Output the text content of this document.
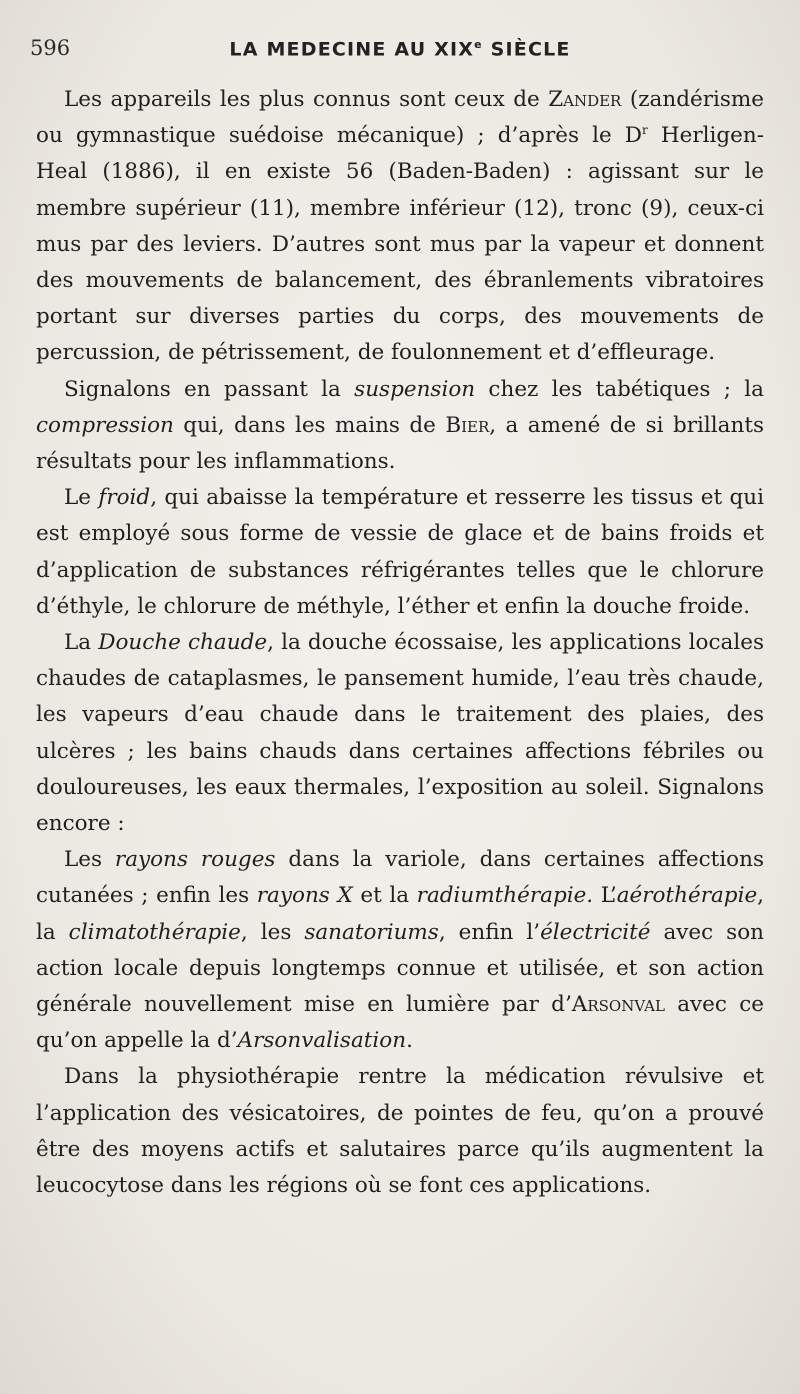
596	LA MEDECINE AU XIXe SIÈCLE

Les appareils les plus connus sont ceux de Zander (zandérisme ou gymnastique suédoise mécanique) ; d’après le $D^r$ Herligen-Heal (1886), il en existe 56 (Baden-Baden) : agissant sur le membre supérieur (11), membre inférieur (12), tronc (9), ceux-ci mus par des leviers. D’autres sont mus par la vapeur et donnent des mouvements de balancement, des ébranlements vibratoires portant sur diverses parties du corps, des mouvements de percussion, de pétrissement, de foulonnement et d’effleurage.

Signalons en passant la suspension chez les tabétiques ; la compression qui, dans les mains de Bier, a amené de si brillants résultats pour les inflammations.

Le froid, qui abaisse la température et resserre les tissus et qui est employé sous forme de vessie de glace et de bains froids et d’application de substances réfrigérantes telles que le chlorure d’éthyle, le chlorure de méthyle, l’éther et enfin la douche froide.

La Douche chaude, la douche écossaise, les applications locales chaudes de cataplasmes, le pansement humide, l’eau très chaude, les vapeurs d’eau chaude dans le traitement des plaies, des ulcères ; les bains chauds dans certaines affections fébriles ou douloureuses, les eaux thermales, l’exposition au soleil. Signalons encore :

Les rayons rouges dans la variole, dans certaines affections cutanées ; enfin les rayons X et la radiumthérapie. L’aérothérapie, la climatothérapie, les sanatoriums, enfin l’électricité avec son action locale depuis longtemps connue et utilisée, et son action générale nouvellement mise en lumière par d’Arsonval avec ce qu’on appelle la d’Arsonvalisation.

Dans la physiothérapie rentre la médication révulsive et l’application des vésicatoires, de pointes de feu, qu’on a prouvé être des moyens actifs et salutaires parce qu’ils augmentent la leucocytose dans les régions où se font ces applications.
